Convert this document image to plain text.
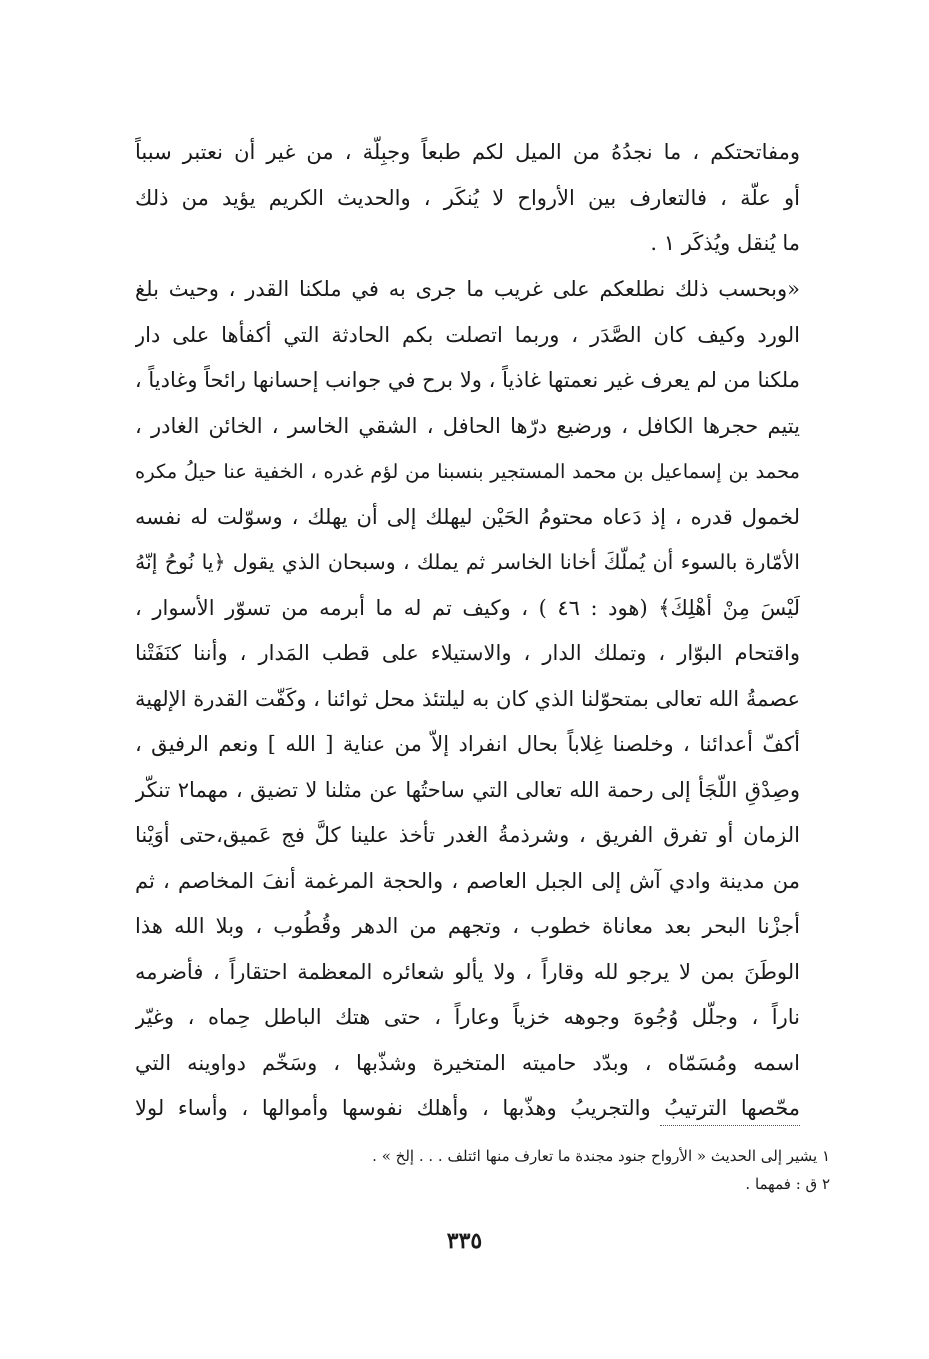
ومفاتحتكم ، ما نجدُهُ من الميل لكم طبعاً وجبِلّة ، من غير أن نعتبر سبباً
أو علّة ، فالتعارف بين الأرواح لا يُنكَر ، والحديث الكريم يؤيد من ذلك
ما يُنقل ويُذكَر ١ .
«وبحسب ذلك نطلعكم على غريب ما جرى به في ملكنا القدر ، وحيث بلغ
الورد وكيف كان الصَّدَر ، وربما اتصلت بكم الحادثة التي أكفأها على دار
ملكنا من لم يعرف غير نعمتها غاذياً ، ولا برح في جوانب إحسانها رائحاً وغادياً ،
يتيم حجرها الكافل ، ورضيع درّها الحافل ، الشقي الخاسر ، الخائن الغادر ،
محمد بن إسماعيل بن محمد المستجير بنسبنا من لؤم غدره ، الخفية عنا حيلُ مكره
لخمول قدره ، إذ دَعاه محتومُ الحَيْن ليهلك إلى أن يهلك ، وسوّلت له نفسه
الأمّارة بالسوء أن يُملّكَ أخانا الخاسر ثم يملك ، وسبحان الذي يقول ﴿يا نُوحُ إنّهُ
لَيْسَ مِنْ أهْلِكَ﴾ (هود : ٤٦ ) ، وكيف تم له ما أبرمه من تسوّر الأسوار ،
واقتحام البوّار ، وتملك الدار ، والاستيلاء على قطب المَدار ، وأننا كنَفَتْنا
عصمةُ الله تعالى بمتحوّلنا الذي كان به ليلتئذ محل ثوائنا ، وكَفّت القدرة الإلهية
أكفّ أعدائنا ، وخلصنا غِلاباً بحال انفراد إلاّ من عناية [ الله ] ونعم الرفيق ،
وصِدْقِ اللّجَأ إلى رحمة الله تعالى التي ساحتُها عن مثلنا لا تضيق ، مهما٢ تنكّر
الزمان أو تفرق الفريق ، وشرذمةُ الغدر تأخذ علينا كلَّ فج عَميق،حتى أوَيْنا
من مدينة وادي آش إلى الجبل العاصم ، والحجة المرغمة أنفَ المخاصم ، ثم
أجزْنا البحر بعد معاناة خطوب ، وتجهم من الدهر وقُطُوب ، وبلا الله هذا
الوطَنَ بمن لا يرجو لله وقاراً ، ولا يألو شعائره المعظمة احتقاراً ، فأضرمه
ناراً ، وجلّل وُجُوهَ وجوهه خزياً وعاراً ، حتى هتك الباطل حِماه ، وغيّر
اسمه ومُسَمّاه ، وبدّد حاميته المتخيرة وشذّبها ، وسَخّم دواوينه التي
محّصها الترتيبُ والتجريبُ وهذّبها ، وأهلك نفوسها وأموالها ، وأساء لولا
١ يشير إلى الحديث « الأرواح جنود مجندة ما تعارف منها ائتلف . . . إلخ » .
٢ ق : فمهما .
٣٣٥
